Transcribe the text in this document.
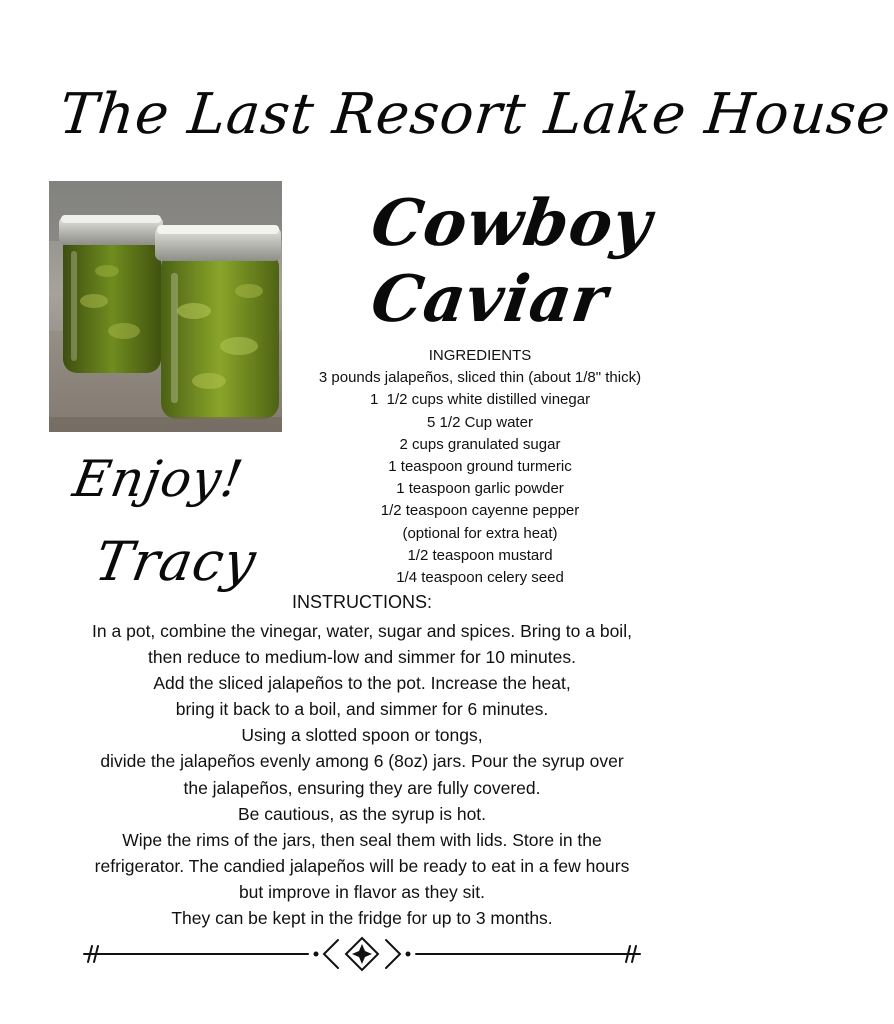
The Last Resort Lake House
Cowboy
Caviar
INGREDIENTS
3 pounds jalapeños, sliced thin (about 1/8" thick)
1  1/2 cups white distilled vinegar
5 1/2 Cup water
2 cups granulated sugar
1 teaspoon ground turmeric
1 teaspoon garlic powder
1/2 teaspoon cayenne pepper
(optional for extra heat)
1/2 teaspoon mustard
1/4 teaspoon celery seed
Enjoy!
Tracy
INSTRUCTIONS:
In a pot, combine the vinegar, water, sugar and spices. Bring to a boil,
then reduce to medium-low and simmer for 10 minutes.
Add the sliced jalapeños to the pot. Increase the heat,
bring it back to a boil, and simmer for 6 minutes.
Using a slotted spoon or tongs,
divide the jalapeños evenly among 6 (8oz) jars. Pour the syrup over
the jalapeños, ensuring they are fully covered.
Be cautious, as the syrup is hot.
Wipe the rims of the jars, then seal them with lids. Store in the
refrigerator. The candied jalapeños will be ready to eat in a few hours
but improve in flavor as they sit.
They can be kept in the fridge for up to 3 months.
